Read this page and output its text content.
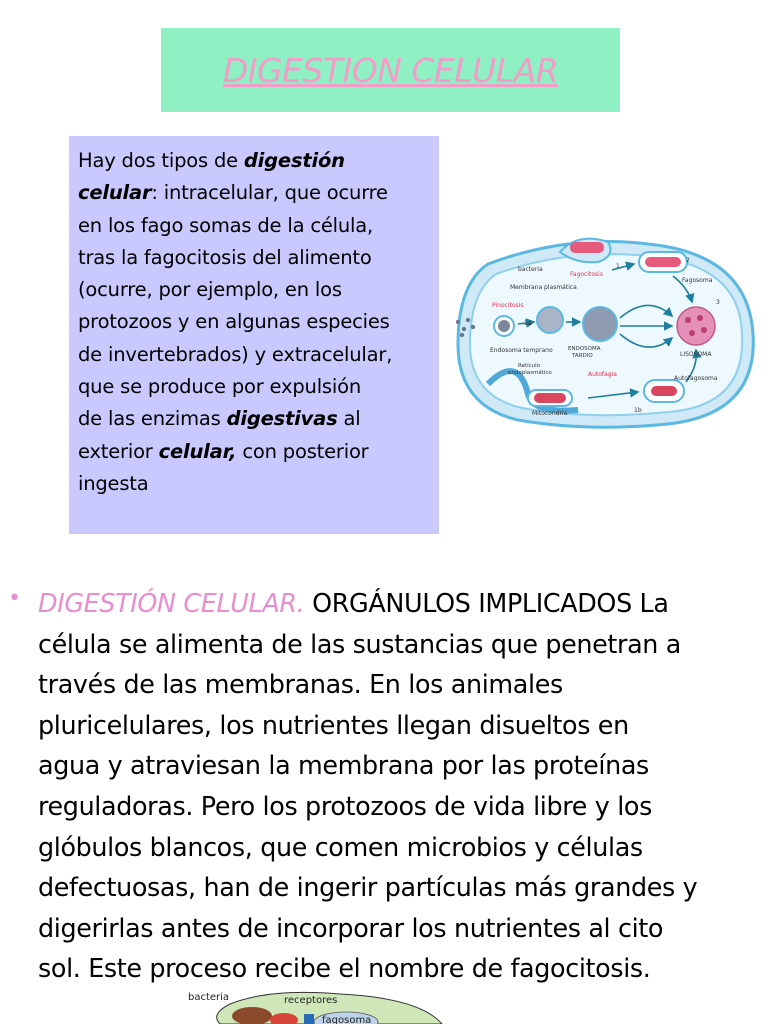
DIGESTION CELULAR
Hay dos tipos de digestión
celular: intracelular, que ocurre
en los fago somas de la célula,
tras la fagocitosis del alimento
(ocurre, por ejemplo, en los
protozoos y en algunas especies
de invertebrados) y extracelular,
que se produce por expulsión
de las enzimas digestivas al
exterior celular, con posterior
ingesta
bacteria
Fagocitosis
Membrana plasmática
Pinocitosis
1a
1
2
Fagosoma
3
Endosoma temprano	ENDOSOMA
TARDIO	LISOSOMA
Retículo
endoplasmático	Autofagia
Autofagosoma
Mitocondria	1b
• DIGESTIÓN CELULAR. ORGÁNULOS IMPLICADOS La
célula se alimenta de las sustancias que penetran a
través de las membranas. En los animales
pluricelulares, los nutrientes llegan disueltos en
agua y atraviesan la membrana por las proteínas
reguladoras. Pero los protozoos de vida libre y los
glóbulos blancos, que comen microbios y células
defectuosas, han de ingerir partículas más grandes y
digerirlas antes de incorporar los nutrientes al cito
sol. Este proceso recibe el nombre de fagocitosis.
bacteria	receptores
fagosoma
